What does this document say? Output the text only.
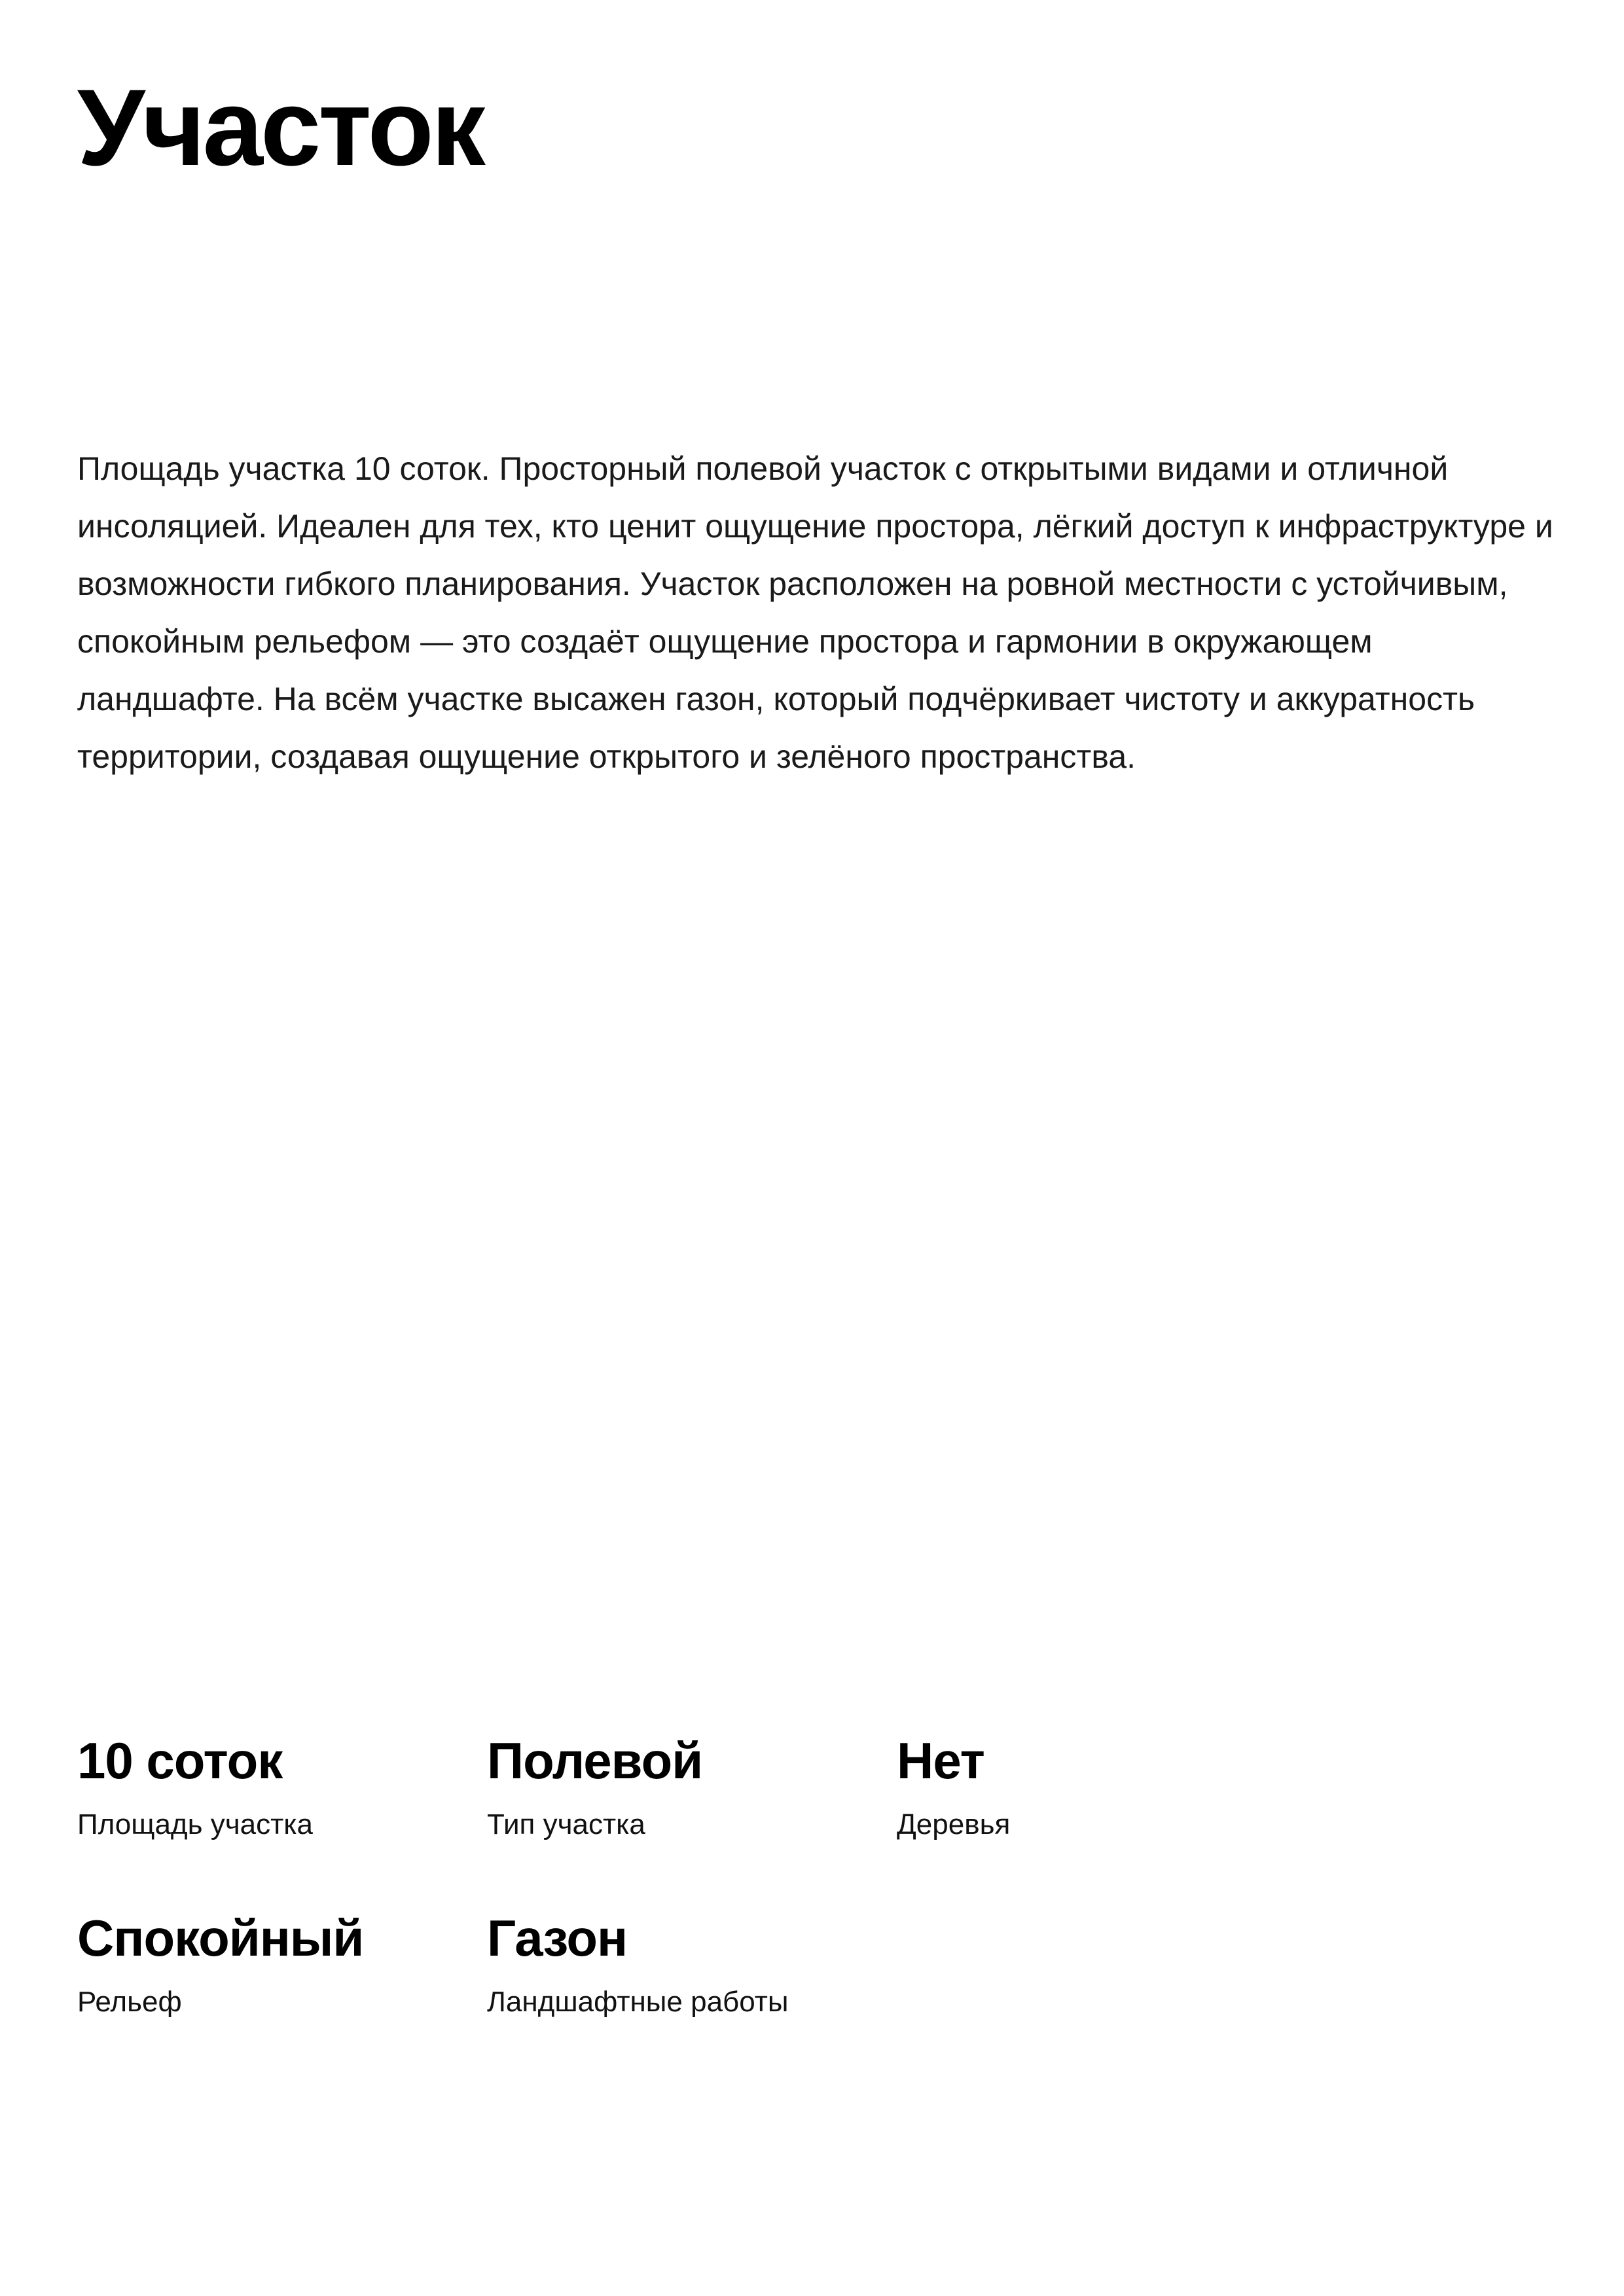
Участок

Площадь участка 10 соток. Просторный полевой участок с открытыми видами и отличной инсоляцией. Идеален для тех, кто ценит ощущение простора, лёгкий доступ к инфраструктуре и возможности гибкого планирования. Участок расположен на ровной местности с устойчивым, спокойным рельефом — это создаёт ощущение простора и гармонии в окружающем ландшафте. На всём участке высажен газон, который подчёркивает чистоту и аккуратность территории, создавая ощущение открытого и зелёного пространства.

10 соток
Площадь участка
Полевой
Тип участка
Нет
Деревья
Спокойный
Рельеф
Газон
Ландшафтные работы
